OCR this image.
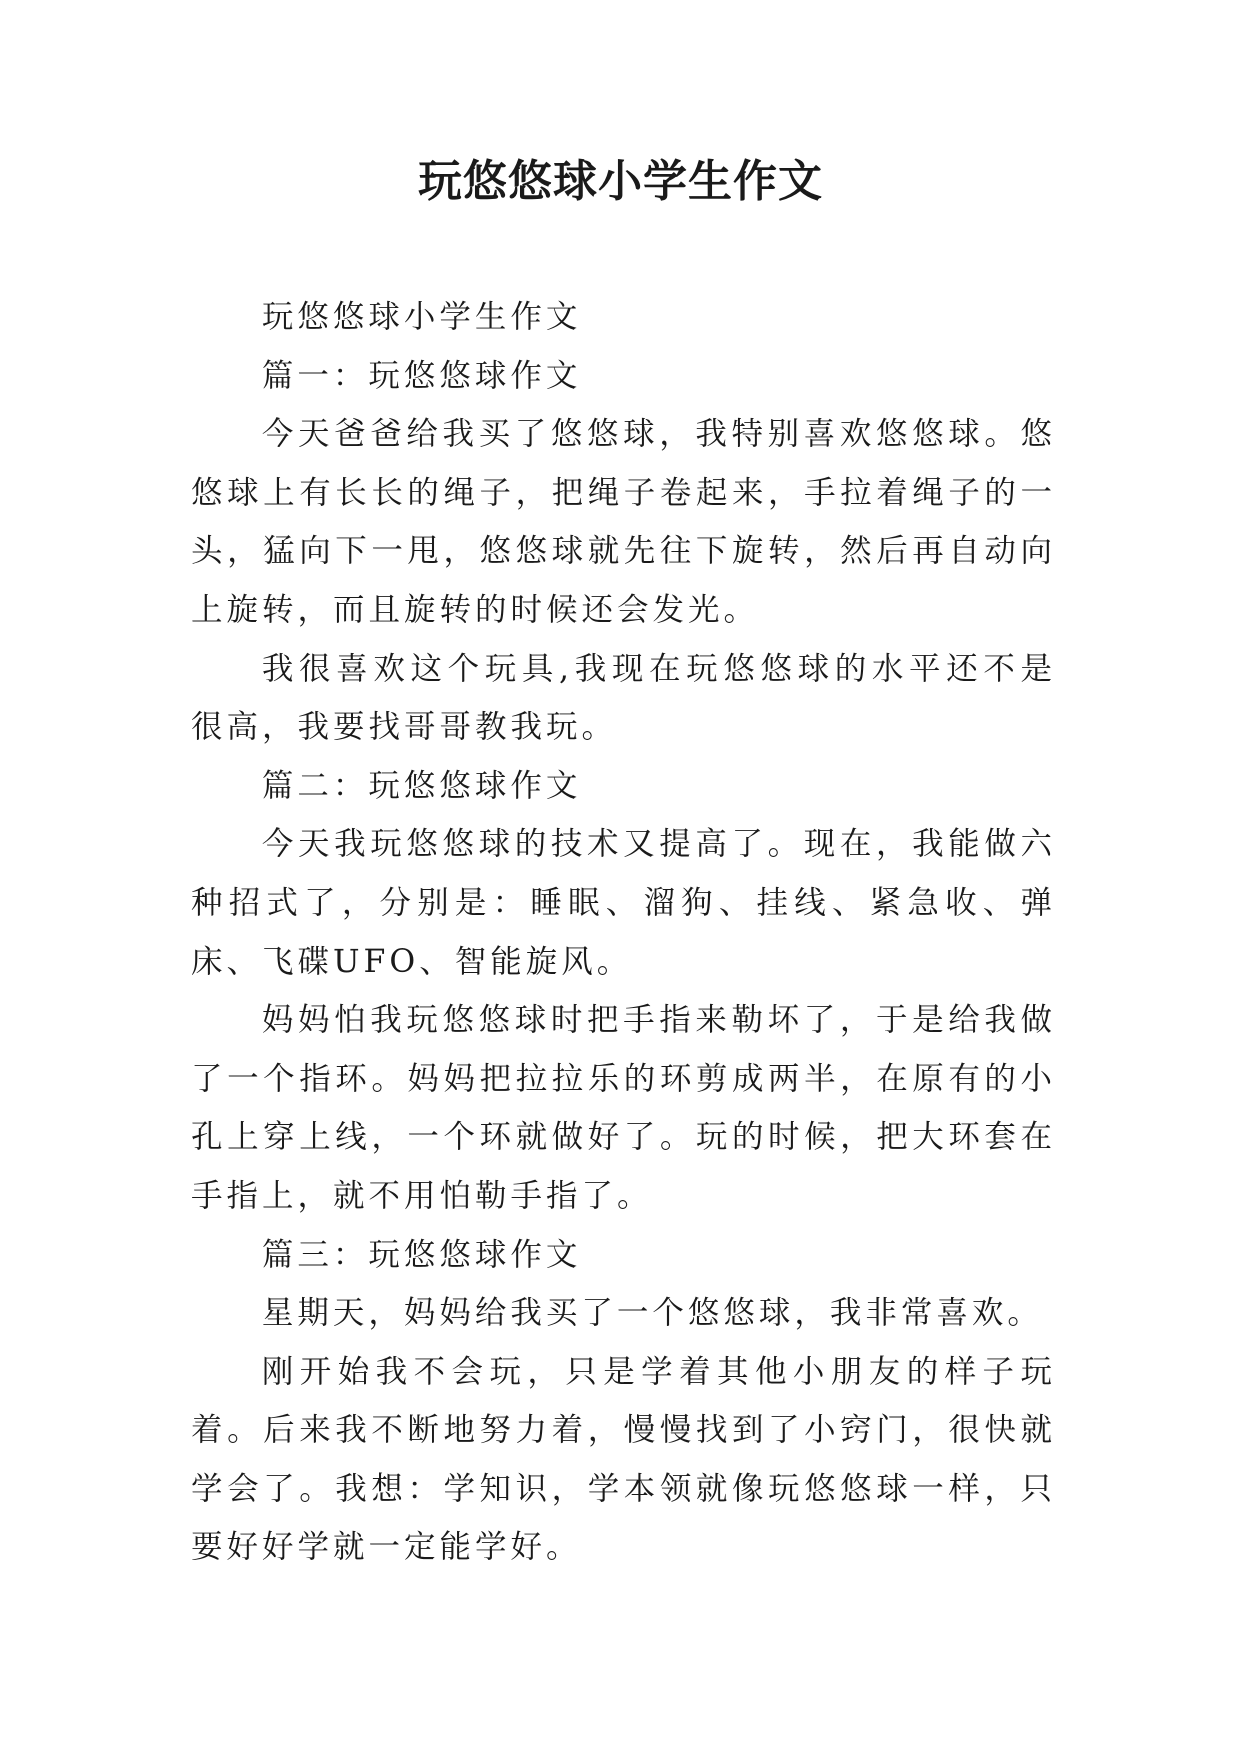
玩悠悠球小学生作文

玩悠悠球小学生作文

篇一：玩悠悠球作文

今天爸爸给我买了悠悠球，我特别喜欢悠悠球。悠悠球上有长长的绳子，把绳子卷起来，手拉着绳子的一头，猛向下一甩，悠悠球就先往下旋转，然后再自动向上旋转，而且旋转的时候还会发光。

我很喜欢这个玩具,我现在玩悠悠球的水平还不是很高，我要找哥哥教我玩。

篇二：玩悠悠球作文

今天我玩悠悠球的技术又提高了。现在，我能做六种招式了，分别是：睡眠、溜狗、挂线、紧急收、弹床、飞碟UFO、智能旋风。

妈妈怕我玩悠悠球时把手指来勒坏了，于是给我做了一个指环。妈妈把拉拉乐的环剪成两半，在原有的小孔上穿上线，一个环就做好了。玩的时候，把大环套在手指上，就不用怕勒手指了。

篇三：玩悠悠球作文

星期天，妈妈给我买了一个悠悠球，我非常喜欢。

刚开始我不会玩，只是学着其他小朋友的样子玩着。后来我不断地努力着，慢慢找到了小窍门，很快就学会了。我想：学知识，学本领就像玩悠悠球一样，只要好好学就一定能学好。
